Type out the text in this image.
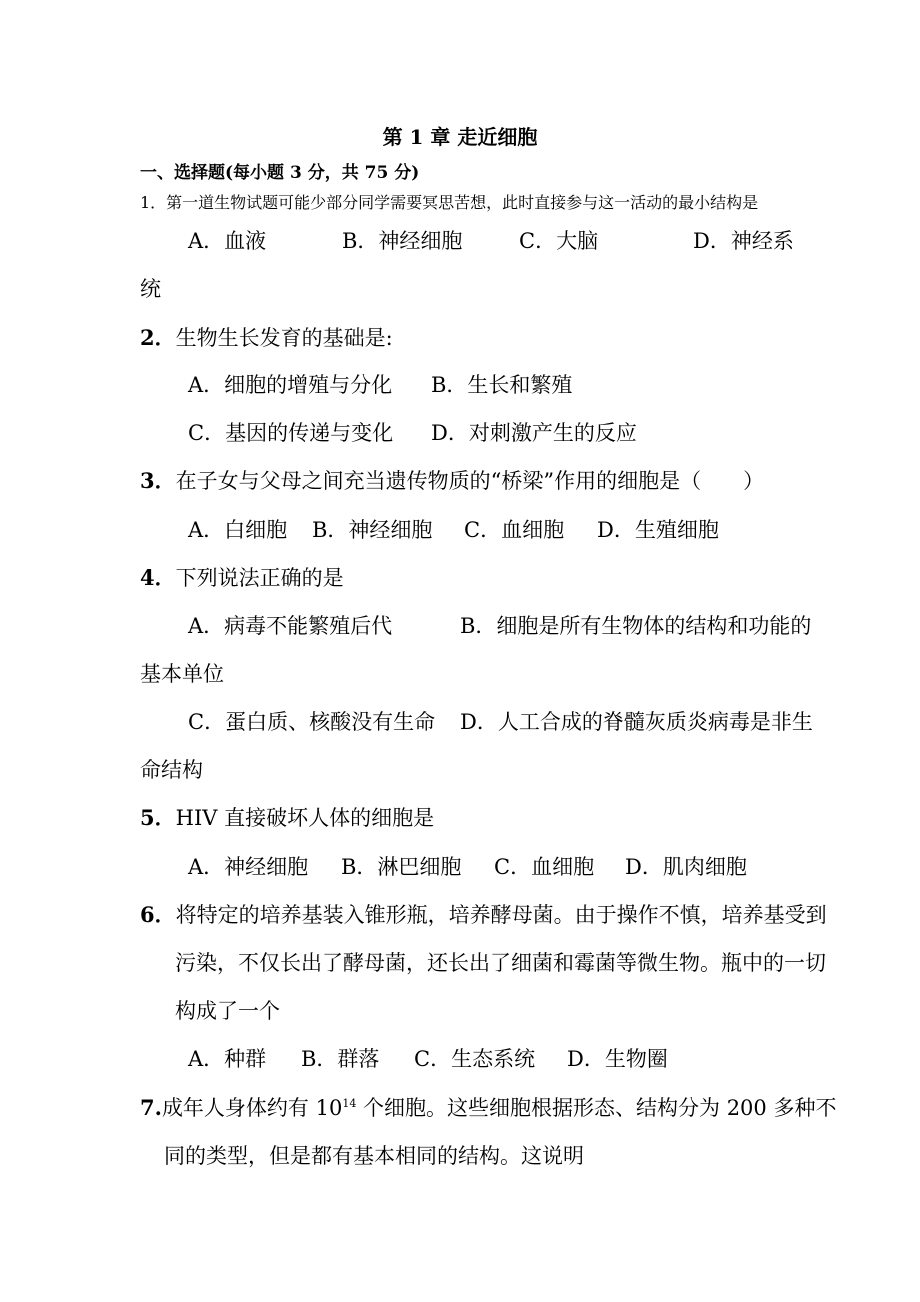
第 1 章 走近细胞
一、选择题(每小题 3 分，共 75 分)
1．第一道生物试题可能少部分同学需要冥思苦想，此时直接参与这一活动的最小结构是
A．血液	B．神经细胞	C．大脑	D．神经系
统
2．生物生长发育的基础是:
A．细胞的增殖与分化 B．生长和繁殖
C．基因的传递与变化 D．对刺激产生的反应
3．在子女与父母之间充当遗传物质的“桥梁”作用的细胞是（　　）
A．白细胞 B．神经细胞 C．血细胞 D．生殖细胞
4．下列说法正确的是
A．病毒不能繁殖后代	B．细胞是所有生物体的结构和功能的
基本单位
C．蛋白质、核酸没有生命 D．人工合成的脊髓灰质炎病毒是非生
命结构
5．HIV 直接破坏人体的细胞是
A．神经细胞 B．淋巴细胞 C．血细胞 D．肌肉细胞
6．将特定的培养基装入锥形瓶，培养酵母菌。由于操作不慎，培养基受到
污染，不仅长出了酵母菌，还长出了细菌和霉菌等微生物。瓶中的一切
构成了一个
A．种群 B．群落 C．生态系统 D．生物圈
7.成年人身体约有 $10^{14}$ 个细胞。这些细胞根据形态、结构分为 200 多种不
同的类型，但是都有基本相同的结构。这说明
